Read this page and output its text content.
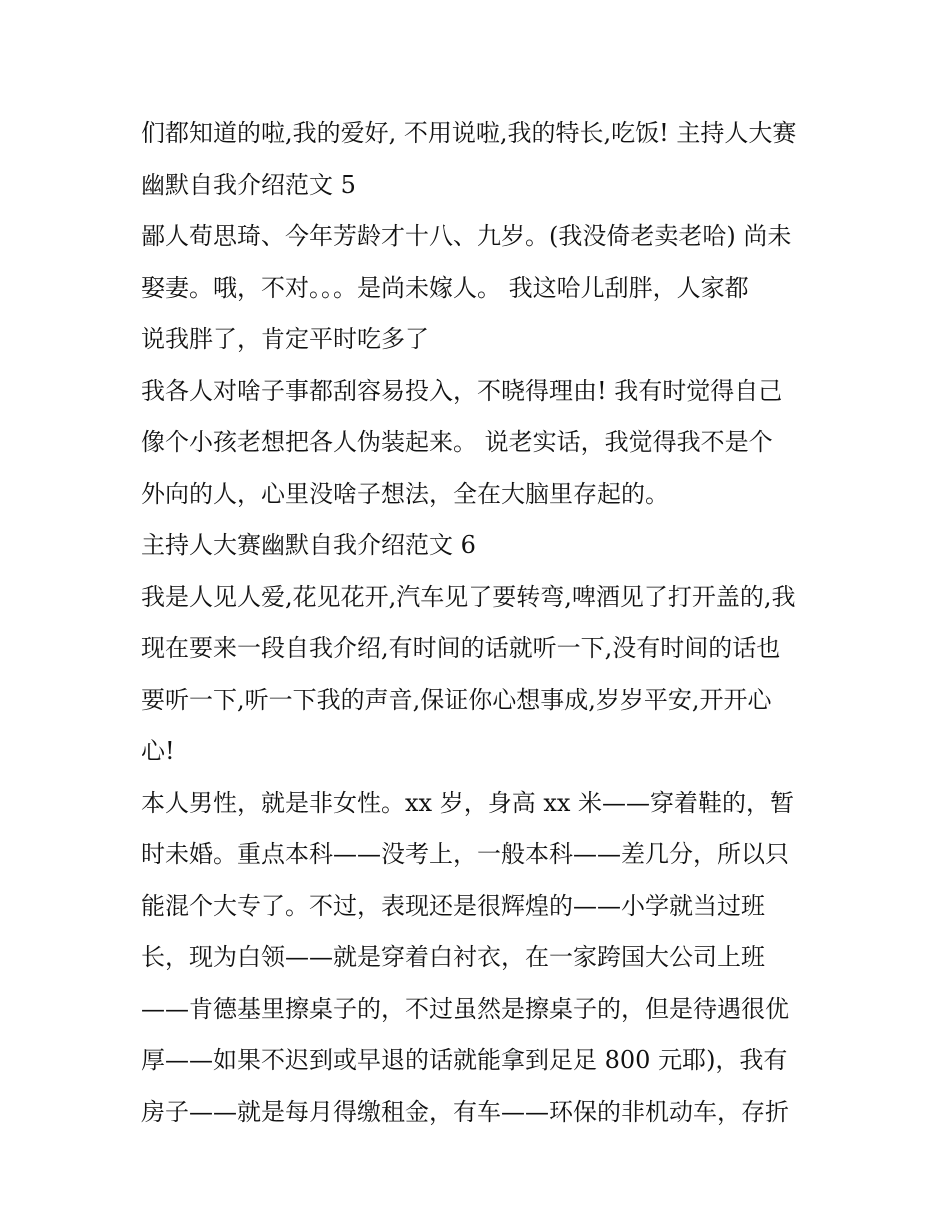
们都知道的啦,我的爱好, 不用说啦,我的特长,吃饭! 主持人大赛
幽默自我介绍范文 5
鄙人荀思琦、今年芳龄才十八、九岁。(我没倚老卖老哈) 尚未
娶妻。哦，不对。。。是尚未嫁人。 我这哈儿刮胖，人家都
说我胖了，肯定平时吃多了
我各人对啥子事都刮容易投入，不晓得理由! 我有时觉得自己
像个小孩老想把各人伪装起来。 说老实话，我觉得我不是个
外向的人，心里没啥子想法，全在大脑里存起的。
主持人大赛幽默自我介绍范文 6
我是人见人爱,花见花开,汽车见了要转弯,啤酒见了打开盖的,我
现在要来一段自我介绍,有时间的话就听一下,没有时间的话也
要听一下,听一下我的声音,保证你心想事成,岁岁平安,开开心
心!
本人男性，就是非女性。xx 岁，身高 xx 米——穿着鞋的，暂
时未婚。重点本科——没考上，一般本科——差几分，所以只
能混个大专了。不过，表现还是很辉煌的——小学就当过班
长，现为白领——就是穿着白衬衣，在一家跨国大公司上班
——肯德基里擦桌子的，不过虽然是擦桌子的，但是待遇很优
厚——如果不迟到或早退的话就能拿到足足 800 元耶)，我有
房子——就是每月得缴租金，有车——环保的非机动车，存折
